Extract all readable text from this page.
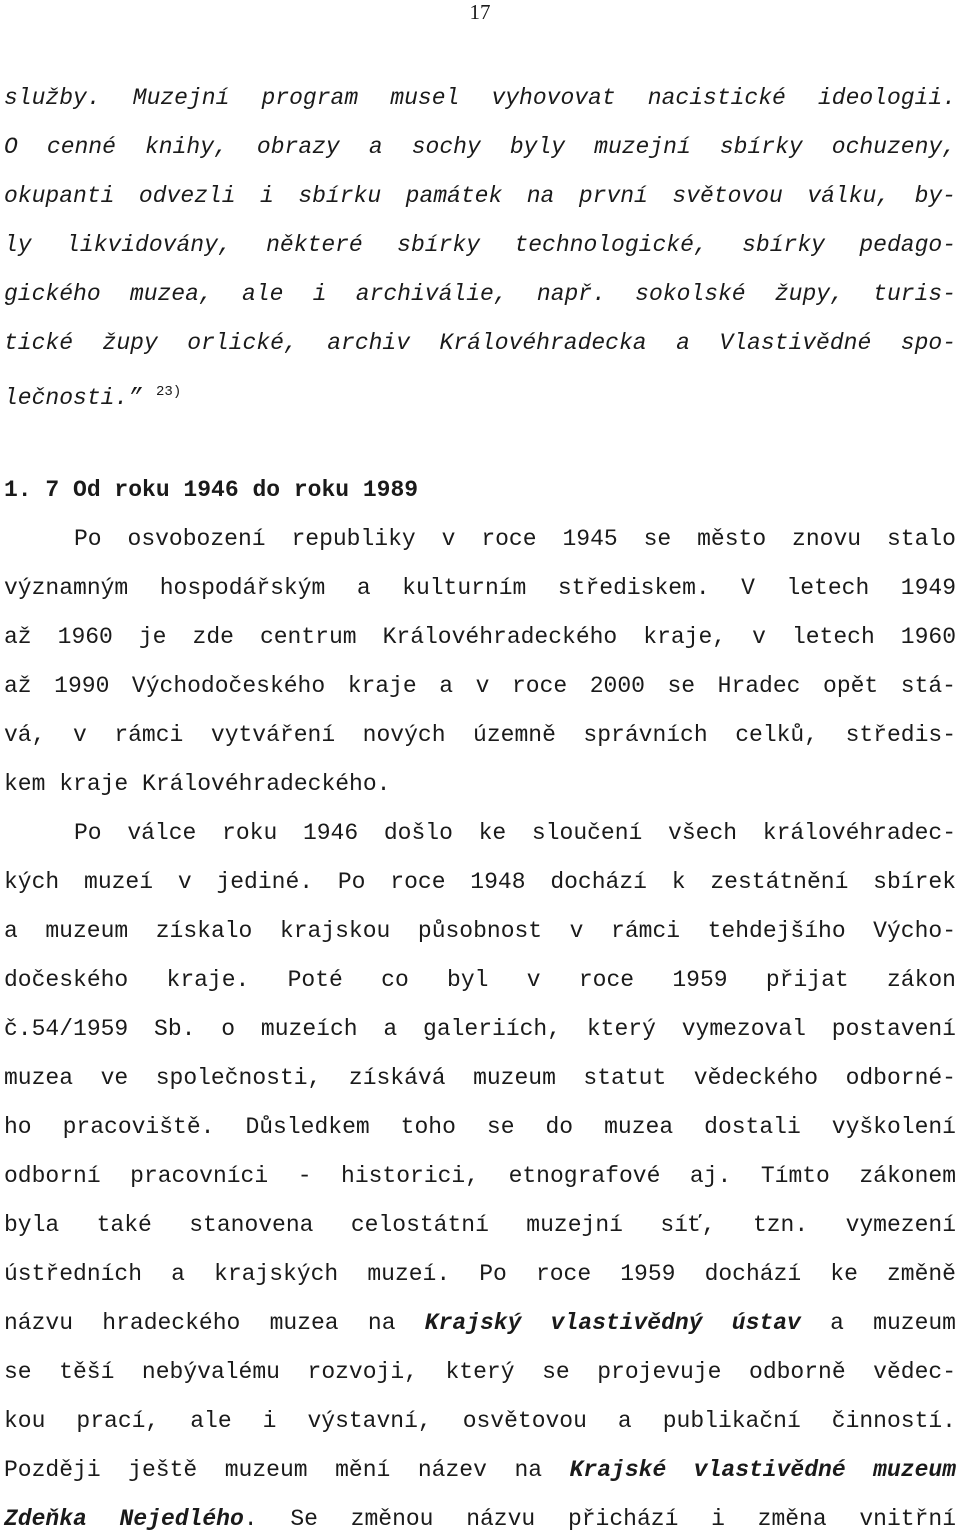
17

služby. Muzejní program musel vyhovovat nacistické ideologii.

O cenné knihy, obrazy a sochy byly muzejní sbírky ochuzeny,

okupanti odvezli i sbírku památek na první světovou válku, by-

ly likvidovány, některé sbírky technologické, sbírky pedago-

gického muzea, ale i archiválie, např. sokolské župy, turis-

tické župy orlické, archiv Královéhradecka a Vlastivědné spo-

lečnosti.” $^{23)}$

1. 7 Od roku 1946 do roku 1989

Po osvobození republiky v roce 1945 se město znovu stalo

významným hospodářským a kulturním střediskem. V letech 1949

až 1960 je zde centrum Královéhradeckého kraje, v letech 1960

až 1990 Východočeského kraje a v roce 2000 se Hradec opět stá-

vá, v rámci vytváření nových územně správních celků, středis-

kem kraje Královéhradeckého.

Po válce roku 1946 došlo ke sloučení všech královéhradec-

kých muzeí v jediné. Po roce 1948 dochází k zestátnění sbírek

a muzeum získalo krajskou působnost v rámci tehdejšího Výcho-

dočeského kraje. Poté co byl v roce 1959 přijat zákon

č.54/1959 Sb. o muzeích a galeriích, který vymezoval postavení

muzea ve společnosti, získává muzeum statut vědeckého odborné-

ho pracoviště. Důsledkem toho se do muzea dostali vyškolení

odborní pracovníci - historici, etnografové aj. Tímto zákonem

byla také stanovena celostátní muzejní síť, tzn. vymezení

ústředních a krajských muzeí. Po roce 1959 dochází ke změně

názvu hradeckého muzea na Krajský vlastivědný ústav a muzeum

se těší nebývalému rozvoji, který se projevuje odborně vědec-

kou prací, ale i výstavní, osvětovou a publikační činností.

Později ještě muzeum mění název na Krajské vlastivědné muzeum

Zdeňka Nejedlého. Se změnou názvu přichází i změna vnitřní
